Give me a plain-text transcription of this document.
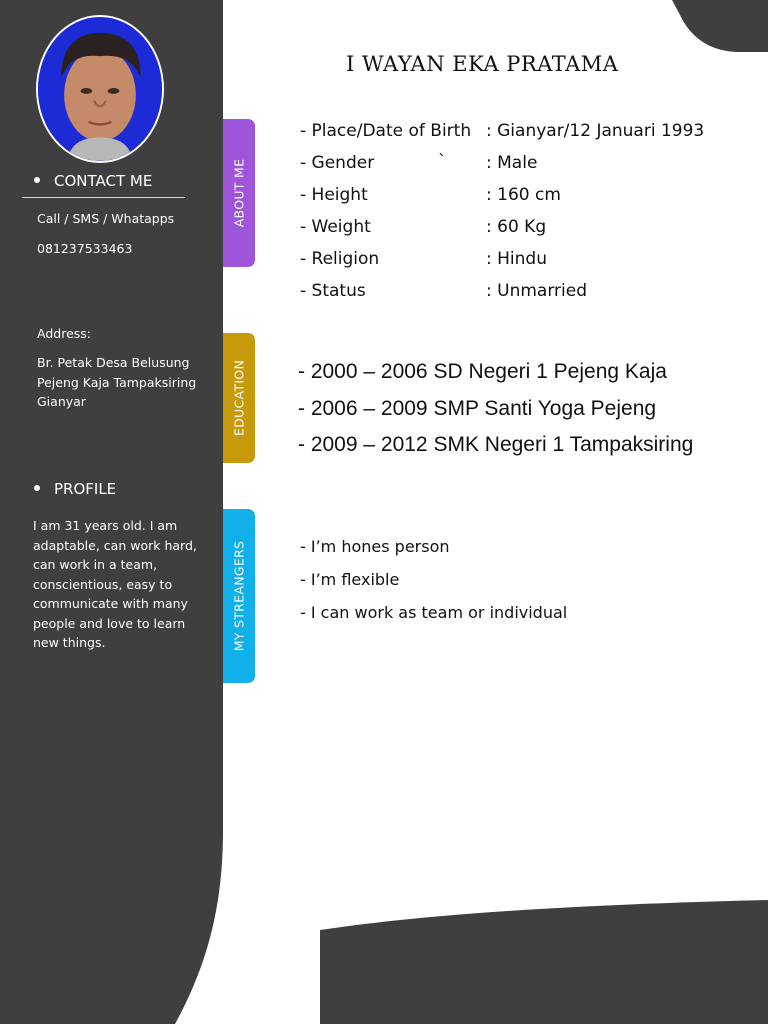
CONTACT ME
Call / SMS / Whatapps
081237533463
Address:
Br. Petak Desa Belusung
Pejeng Kaja Tampaksiring
Gianyar
PROFILE
I am 31 years old. I am
adaptable, can work hard,
can work in a team,
conscientious, easy to
communicate with many
people and love to learn
new things.
ABOUT ME
EDUCATION
MY STREANGERS
I WAYAN EKA PRATAMA
- Place/Date of Birth : Gianyar/12 Januari 1993
- Gender	` : Male
- Height	: 160 cm
- Weight	: 60 Kg
- Religion	: Hindu
- Status	: Unmarried
- 2000 – 2006 SD Negeri 1 Pejeng Kaja
- 2006 – 2009 SMP Santi Yoga Pejeng
- 2009 – 2012 SMK Negeri 1 Tampaksiring
- I’m hones person
- I’m flexible
- I can work as team or individual
